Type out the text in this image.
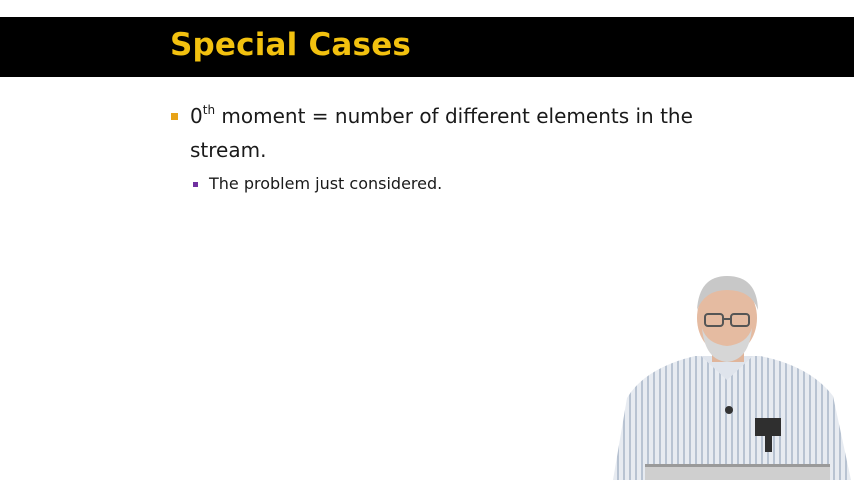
Special Cases
0th moment = number of different elements in the stream.
The problem just considered.
